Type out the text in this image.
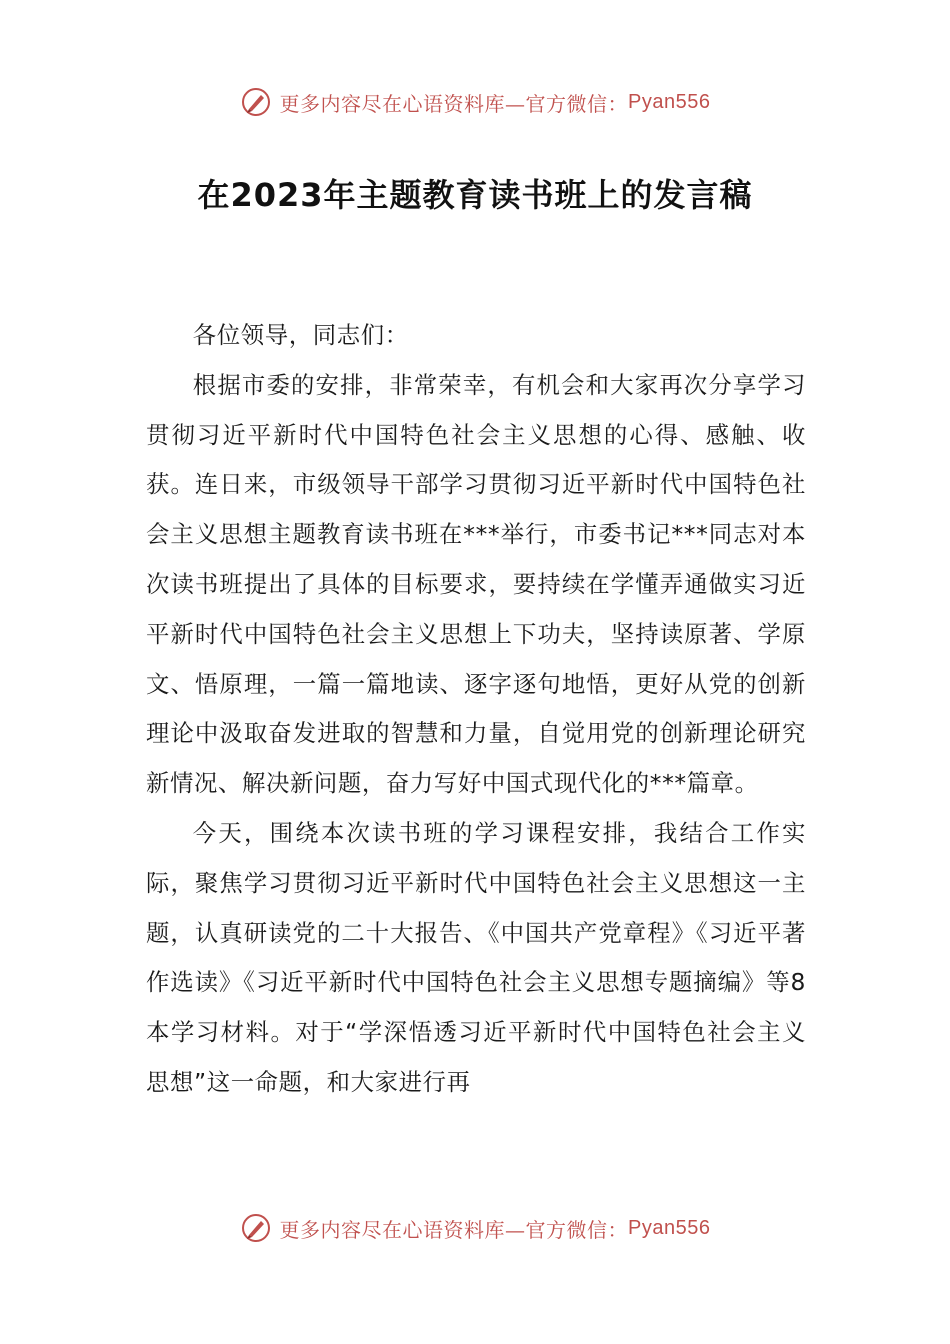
更多内容尽在心语资料库—官方微信： Pyan556
在2023年主题教育读书班上的发言稿

各位领导，同志们：

根据市委的安排，非常荣幸，有机会和大家再次分享学习贯彻习近平新时代中国特色社会主义思想的心得、感触、收获。连日来，市级领导干部学习贯彻习近平新时代中国特色社会主义思想主题教育读书班在***举行，市委书记***同志对本次读书班提出了具体的目标要求，要持续在学懂弄通做实习近平新时代中国特色社会主义思想上下功夫，坚持读原著、学原文、悟原理，一篇一篇地读、逐字逐句地悟，更好从党的创新理论中汲取奋发进取的智慧和力量，自觉用党的创新理论研究新情况、解决新问题，奋力写好中国式现代化的***篇章。

今天，围绕本次读书班的学习课程安排，我结合工作实际，聚焦学习贯彻习近平新时代中国特色社会主义思想这一主题，认真研读党的二十大报告、《中国共产党章程》《习近平著作选读》《习近平新时代中国特色社会主义思想专题摘编》等8本学习材料。对于“学深悟透习近平新时代中国特色社会主义思想”这一命题，和大家进行再

更多内容尽在心语资料库—官方微信： Pyan556
